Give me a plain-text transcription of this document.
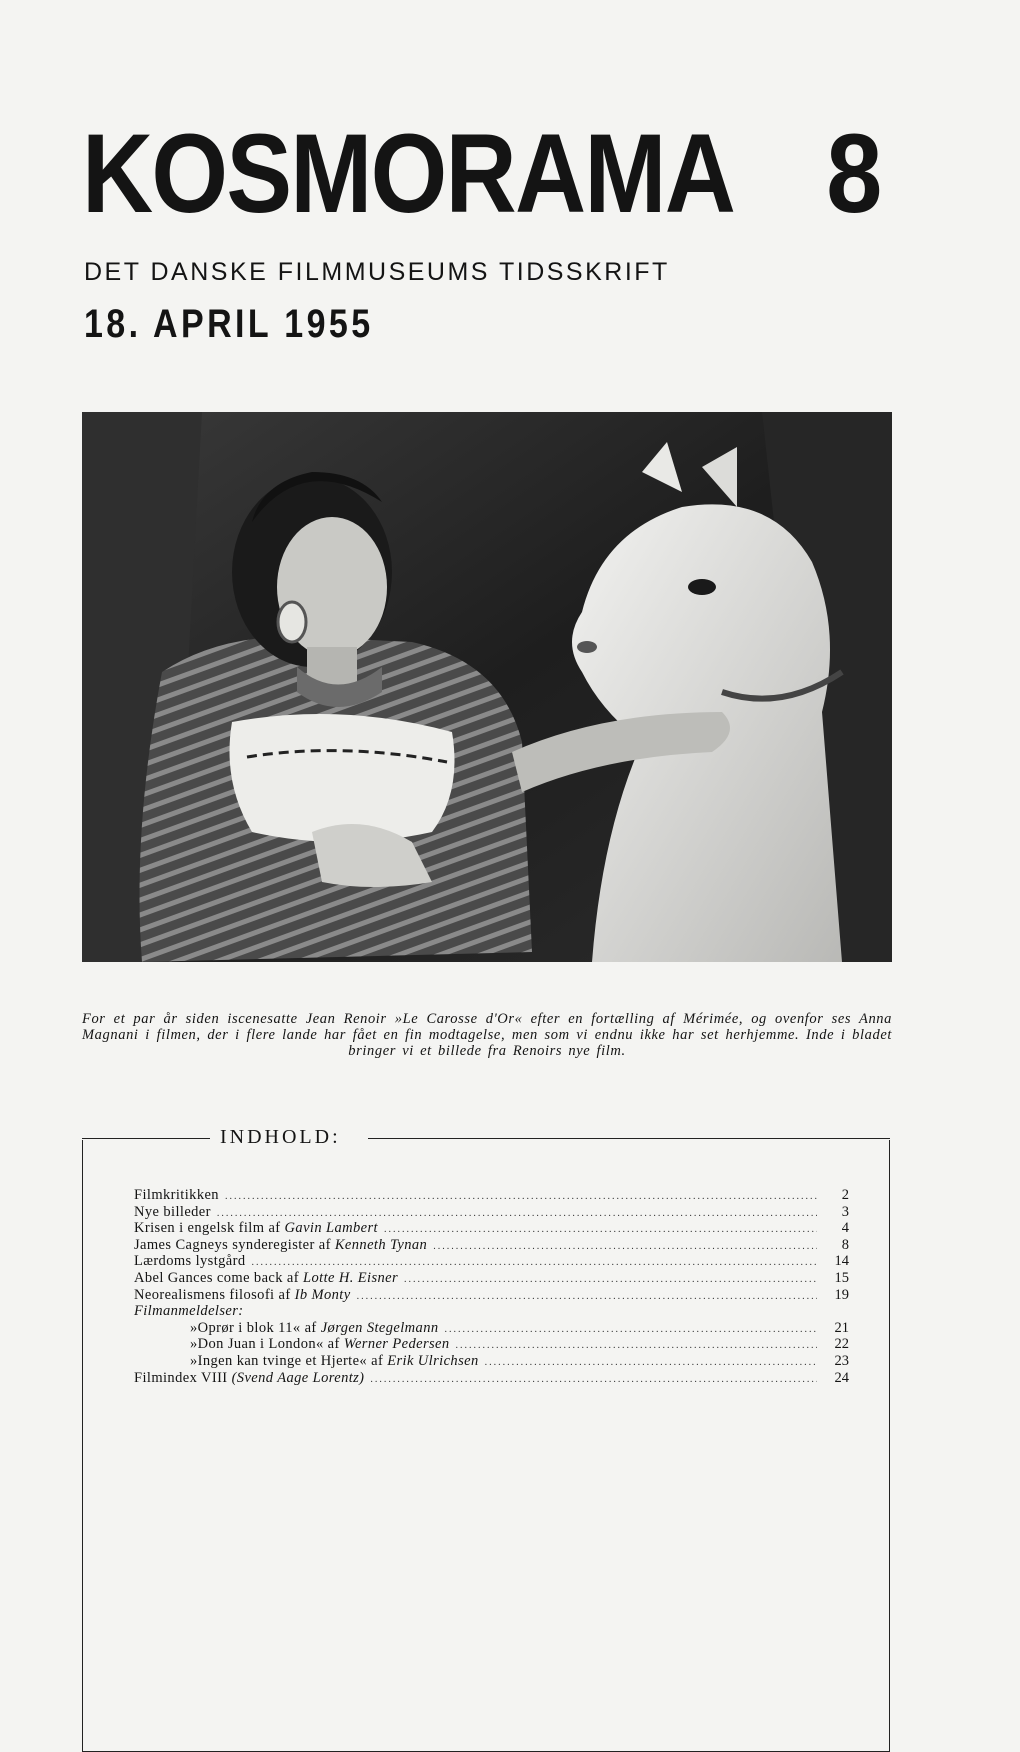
KOSMORAMA 8
DET DANSKE FILMMUSEUMS TIDSSKRIFT
18. APRIL 1955

For et par år siden iscenesatte Jean Renoir »Le Carosse d'Or« efter en fortælling af Mérimée, og ovenfor ses Anna Magnani i filmen, der i flere lande har fået en fin modtagelse, men som vi endnu ikke har set herhjemme. Inde i bladet bringer vi et billede fra Renoirs nye film.

INDHOLD:
Filmkritikken .....	2
Nye billeder .....	3
Krisen i engelsk film af Gavin Lambert .....	4
James Cagneys synderegister af Kenneth Tynan .....	8
Lærdoms lystgård .....	14
Abel Gances come back af Lotte H. Eisner .....	15
Neorealismens filosofi af Ib Monty .....	19
Filmanmeldelser:
»Oprør i blok 11« af Jørgen Stegelmann .....	21
»Don Juan i London« af Werner Pedersen .....	22
»Ingen kan tvinge et Hjerte« af Erik Ulrichsen .....	23
Filmindex VIII (Svend Aage Lorentz) .....	24
